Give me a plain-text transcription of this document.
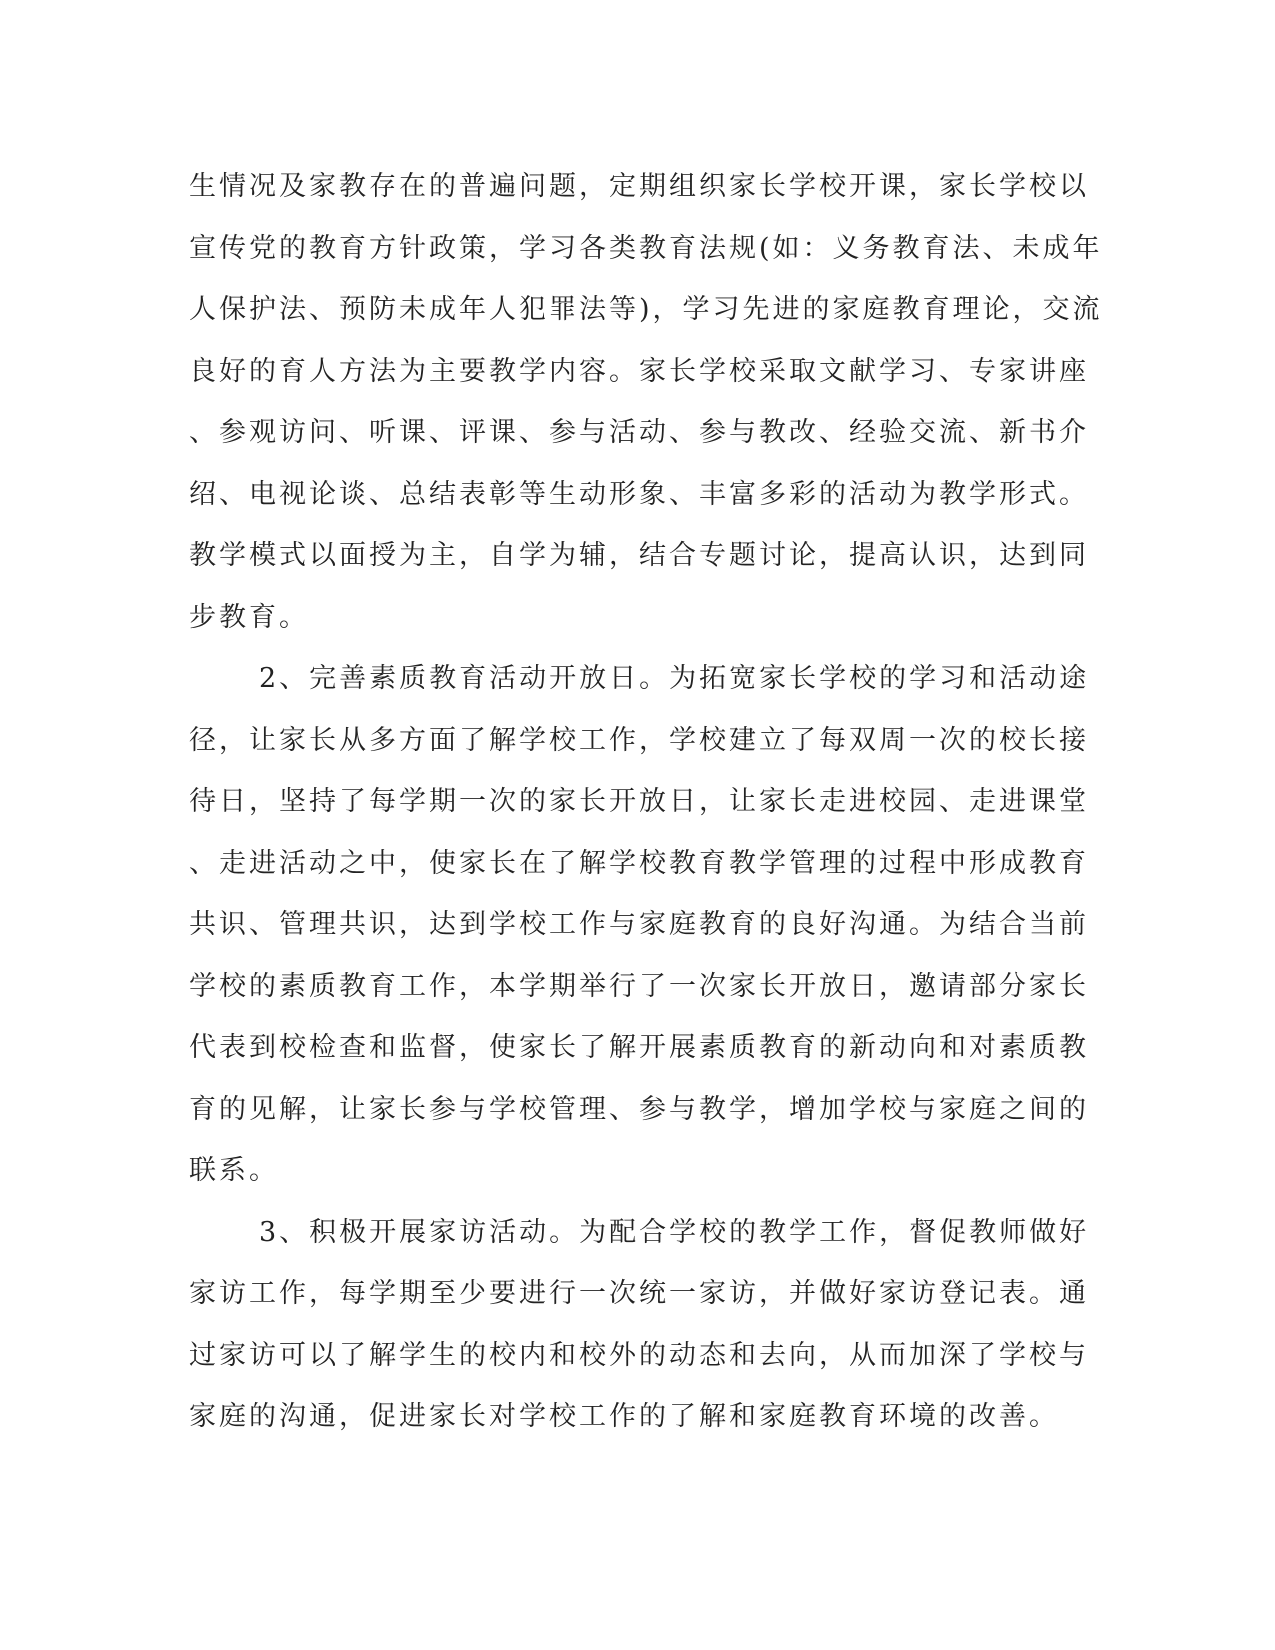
生情况及家教存在的普遍问题，定期组织家长学校开课，家长学校以
宣传党的教育方针政策，学习各类教育法规(如：义务教育法、未成年
人保护法、预防未成年人犯罪法等)，学习先进的家庭教育理论，交流
良好的育人方法为主要教学内容。家长学校采取文献学习、专家讲座
、参观访问、听课、评课、参与活动、参与教改、经验交流、新书介
绍、电视论谈、总结表彰等生动形象、丰富多彩的活动为教学形式。
教学模式以面授为主，自学为辅，结合专题讨论，提高认识，达到同
步教育。
2、完善素质教育活动开放日。为拓宽家长学校的学习和活动途
径，让家长从多方面了解学校工作，学校建立了每双周一次的校长接
待日，坚持了每学期一次的家长开放日，让家长走进校园、走进课堂
、走进活动之中，使家长在了解学校教育教学管理的过程中形成教育
共识、管理共识，达到学校工作与家庭教育的良好沟通。为结合当前
学校的素质教育工作，本学期举行了一次家长开放日，邀请部分家长
代表到校检查和监督，使家长了解开展素质教育的新动向和对素质教
育的见解，让家长参与学校管理、参与教学，增加学校与家庭之间的
联系。
3、积极开展家访活动。为配合学校的教学工作，督促教师做好
家访工作，每学期至少要进行一次统一家访，并做好家访登记表。通
过家访可以了解学生的校内和校外的动态和去向，从而加深了学校与
家庭的沟通，促进家长对学校工作的了解和家庭教育环境的改善。
